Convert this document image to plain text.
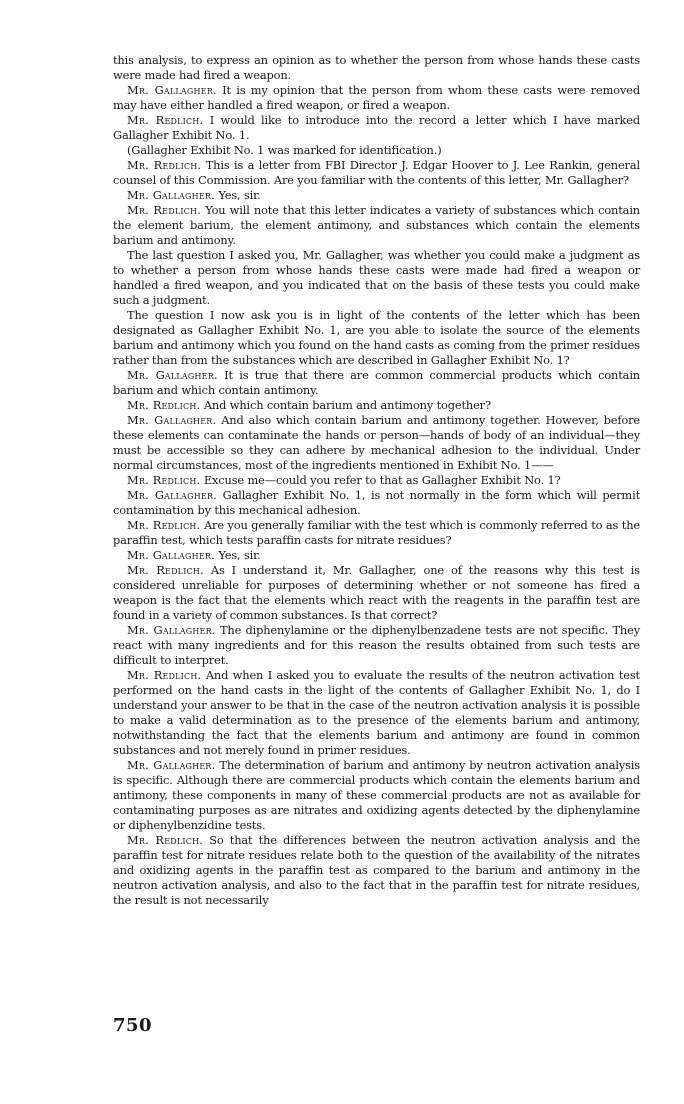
this analysis, to express an opinion as to whether the person from whose hands these casts were made had fired a weapon.

Mr. Gallagher. It is my opinion that the person from whom these casts were removed may have either handled a fired weapon, or fired a weapon.

Mr. Redlich. I would like to introduce into the record a letter which I have marked Gallagher Exhibit No. 1.

(Gallagher Exhibit No. 1 was marked for identification.)

Mr. Redlich. This is a letter from FBI Director J. Edgar Hoover to J. Lee Rankin, general counsel of this Commission. Are you familiar with the contents of this letter, Mr. Gallagher?

Mr. Gallagher. Yes, sir.

Mr. Redlich. You will note that this letter indicates a variety of substances which contain the element barium, the element antimony, and substances which contain the elements barium and antimony.

The last question I asked you, Mr. Gallagher, was whether you could make a judgment as to whether a person from whose hands these casts were made had fired a weapon or handled a fired weapon, and you indicated that on the basis of these tests you could make such a judgment.

The question I now ask you is in light of the contents of the letter which has been designated as Gallagher Exhibit No. 1, are you able to isolate the source of the elements barium and antimony which you found on the hand casts as coming from the primer residues rather than from the substances which are described in Gallagher Exhibit No. 1?

Mr. Gallagher. It is true that there are common commercial products which contain barium and which contain antimony.

Mr. Redlich. And which contain barium and antimony together?

Mr. Gallagher. And also which contain barium and antimony together. However, before these elements can contaminate the hands or person—hands of body of an individual—they must be accessible so they can adhere by mechanical adhesion to the individual. Under normal circumstances, most of the ingredients mentioned in Exhibit No. 1——

Mr. Redlich. Excuse me—could you refer to that as Gallagher Exhibit No. 1?

Mr. Gallagher. Gallagher Exhibit No. 1, is not normally in the form which will permit contamination by this mechanical adhesion.

Mr. Redlich. Are you generally familiar with the test which is commonly referred to as the paraffin test, which tests paraffin casts for nitrate residues?

Mr. Gallagher. Yes, sir.

Mr. Redlich. As I understand it, Mr. Gallagher, one of the reasons why this test is considered unreliable for purposes of determining whether or not someone has fired a weapon is the fact that the elements which react with the reagents in the paraffin test are found in a variety of common substances. Is that correct?

Mr. Gallagher. The diphenylamine or the diphenylbenzadene tests are not specific. They react with many ingredients and for this reason the results obtained from such tests are difficult to interpret.

Mr. Redlich. And when I asked you to evaluate the results of the neutron activation test performed on the hand casts in the light of the contents of Gallagher Exhibit No. 1, do I understand your answer to be that in the case of the neutron activation analysis it is possible to make a valid determination as to the presence of the elements barium and antimony, notwithstanding the fact that the elements barium and antimony are found in common substances and not merely found in primer residues.

Mr. Gallagher. The determination of barium and antimony by neutron activation analysis is specific. Although there are commercial products which contain the elements barium and antimony, these components in many of these commercial products are not as available for contaminating purposes as are nitrates and oxidizing agents detected by the diphenylamine or diphenylbenzidine tests.

Mr. Redlich. So that the differences between the neutron activation analysis and the paraffin test for nitrate residues relate both to the question of the availability of the nitrates and oxidizing agents in the paraffin test as compared to the barium and antimony in the neutron activation analysis, and also to the fact that in the paraffin test for nitrate residues, the result is not necessarily

750
